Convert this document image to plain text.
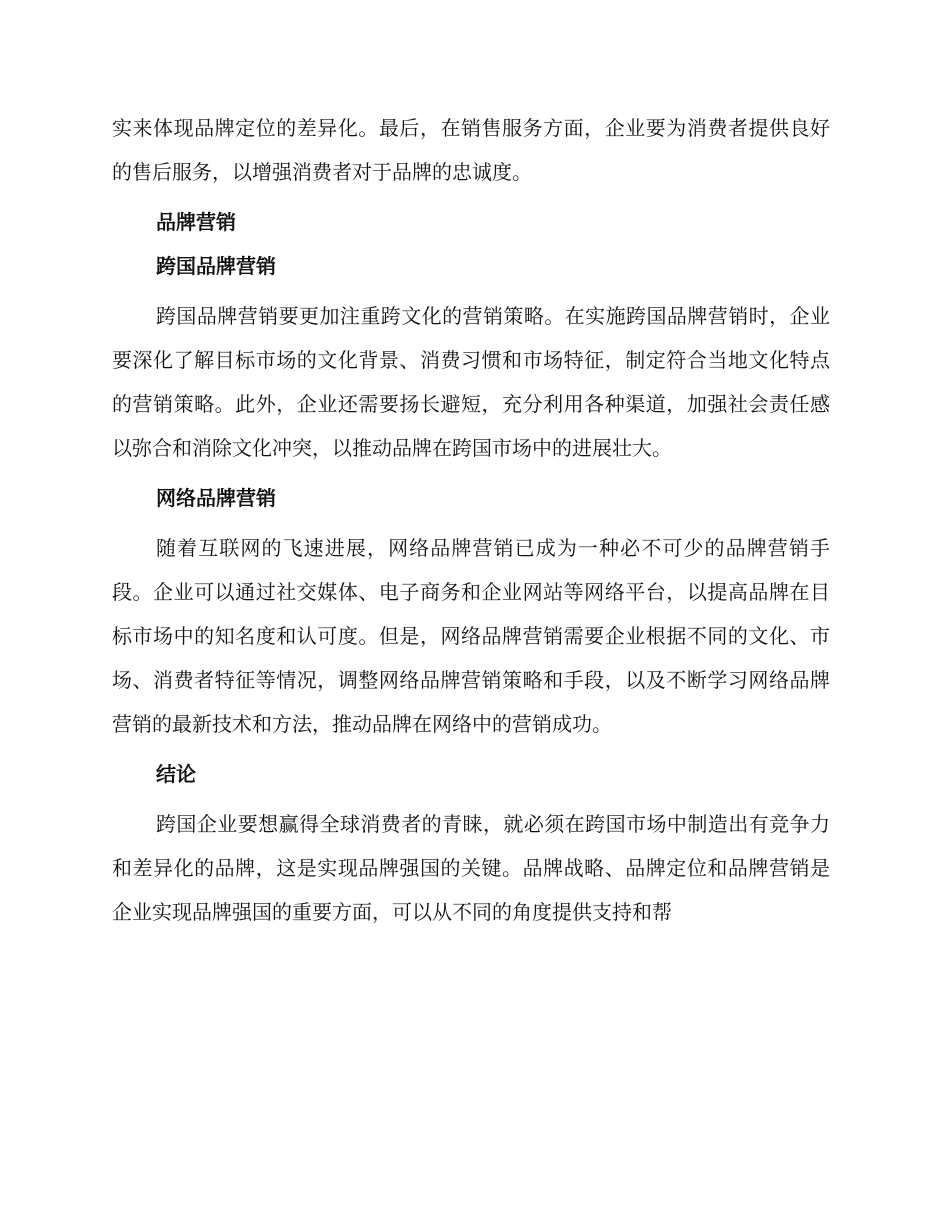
实来体现品牌定位的差异化。最后，在销售服务方面，企业要为消费者提供良好的售后服务，以增强消费者对于品牌的忠诚度。

品牌营销
跨国品牌营销

跨国品牌营销要更加注重跨文化的营销策略。在实施跨国品牌营销时，企业要深化了解目标市场的文化背景、消费习惯和市场特征，制定符合当地文化特点的营销策略。此外，企业还需要扬长避短，充分利用各种渠道，加强社会责任感以弥合和消除文化冲突，以推动品牌在跨国市场中的进展壮大。

网络品牌营销

随着互联网的飞速进展，网络品牌营销已成为一种必不可少的品牌营销手段。企业可以通过社交媒体、电子商务和企业网站等网络平台，以提高品牌在目标市场中的知名度和认可度。但是，网络品牌营销需要企业根据不同的文化、市场、消费者特征等情况，调整网络品牌营销策略和手段，以及不断学习网络品牌营销的最新技术和方法，推动品牌在网络中的营销成功。

结论

跨国企业要想赢得全球消费者的青睐，就必须在跨国市场中制造出有竞争力和差异化的品牌，这是实现品牌强国的关键。品牌战略、品牌定位和品牌营销是企业实现品牌强国的重要方面，可以从不同的角度提供支持和帮
